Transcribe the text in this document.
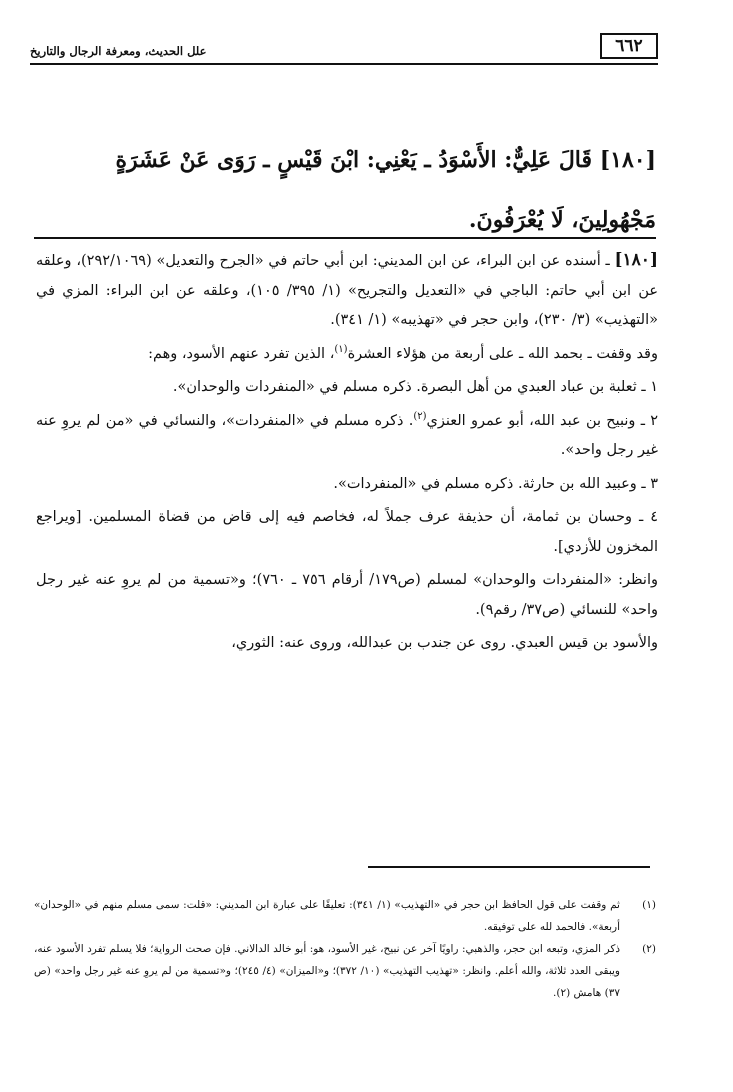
٦٦٢
علل الحديث، ومعرفة الرجال والتاريخ
[١٨٠] قَالَ عَلِيٌّ: الأَسْوَدُ ـ يَعْنِي: ابْنَ قَيْسٍ ـ رَوَى عَنْ عَشَرَةٍ مَجْهُولِينَ، لَا يُعْرَفُونَ.

[١٨٠] ـ أسنده عن ابن البراء، عن ابن المديني: ابن أبي حاتم في «الجرح والتعديل» (٢٩٢/١٠٦٩)، وعلقه عن ابن أبي حاتم: الباجي في «التعديل والتجريح» (١/ ٣٩٥/ ١٠٥)، وعلقه عن ابن البراء: المزي في «التهذيب» (٣/ ٢٣٠)، وابن حجر في «تهذيبه» (١/ ٣٤١).

وقد وقفت ـ بحمد الله ـ على أربعة من هؤلاء العشرة$^{(١)}$، الذين تفرد عنهم الأسود، وهم:

١ ـ ثعلبة بن عباد العبدي من أهل البصرة. ذكره مسلم في «المنفردات والوحدان».

٢ ـ ونبيح بن عبد الله، أبو عمرو العنزي$^{(٢)}$. ذكره مسلم في «المنفردات»، والنسائي في «من لم يروِ عنه غير رجل واحد».

٣ ـ وعبيد الله بن حارثة. ذكره مسلم في «المنفردات».

٤ ـ وحسان بن ثمامة، أن حذيفة عرف جملاً له، فخاصم فيه إلى قاض من قضاة المسلمين. [ويراجع المخزون للأزدي].

وانظر: «المنفردات والوحدان» لمسلم (ص١٧٩/ أرقام ٧٥٦ ـ ٧٦٠)؛ و«تسمية من لم يروِ عنه غير رجل واحد» للنسائي (ص٣٧/ رقم٩).

والأسود بن قيس العبدي. روى عن جندب بن عبدالله، وروى عنه: الثوري،

(١)
ثم وقفت على قول الحافظ ابن حجر في «التهذيب» (١/ ٣٤١): تعليقًا على عبارة ابن المديني: «قلت: سمى مسلم منهم في «الوحدان» أربعة». فالحمد لله على توفيقه.
(٢)
ذكر المزي، وتبعه ابن حجر، والذهبي: راويًا آخر عن نبيح، غير الأسود، هو: أبو خالد الدالاني. فإن صحت الرواية؛ فلا يسلم تفرد الأسود عنه، ويبقى العدد ثلاثة، والله أعلم. وانظر: «تهذيب التهذيب» (١٠/ ٣٧٢)؛ و«الميزان» (٤/ ٢٤٥)؛ و«تسمية من لم يروِ عنه غير رجل واحد» (ص ٣٧) هامش (٢).
